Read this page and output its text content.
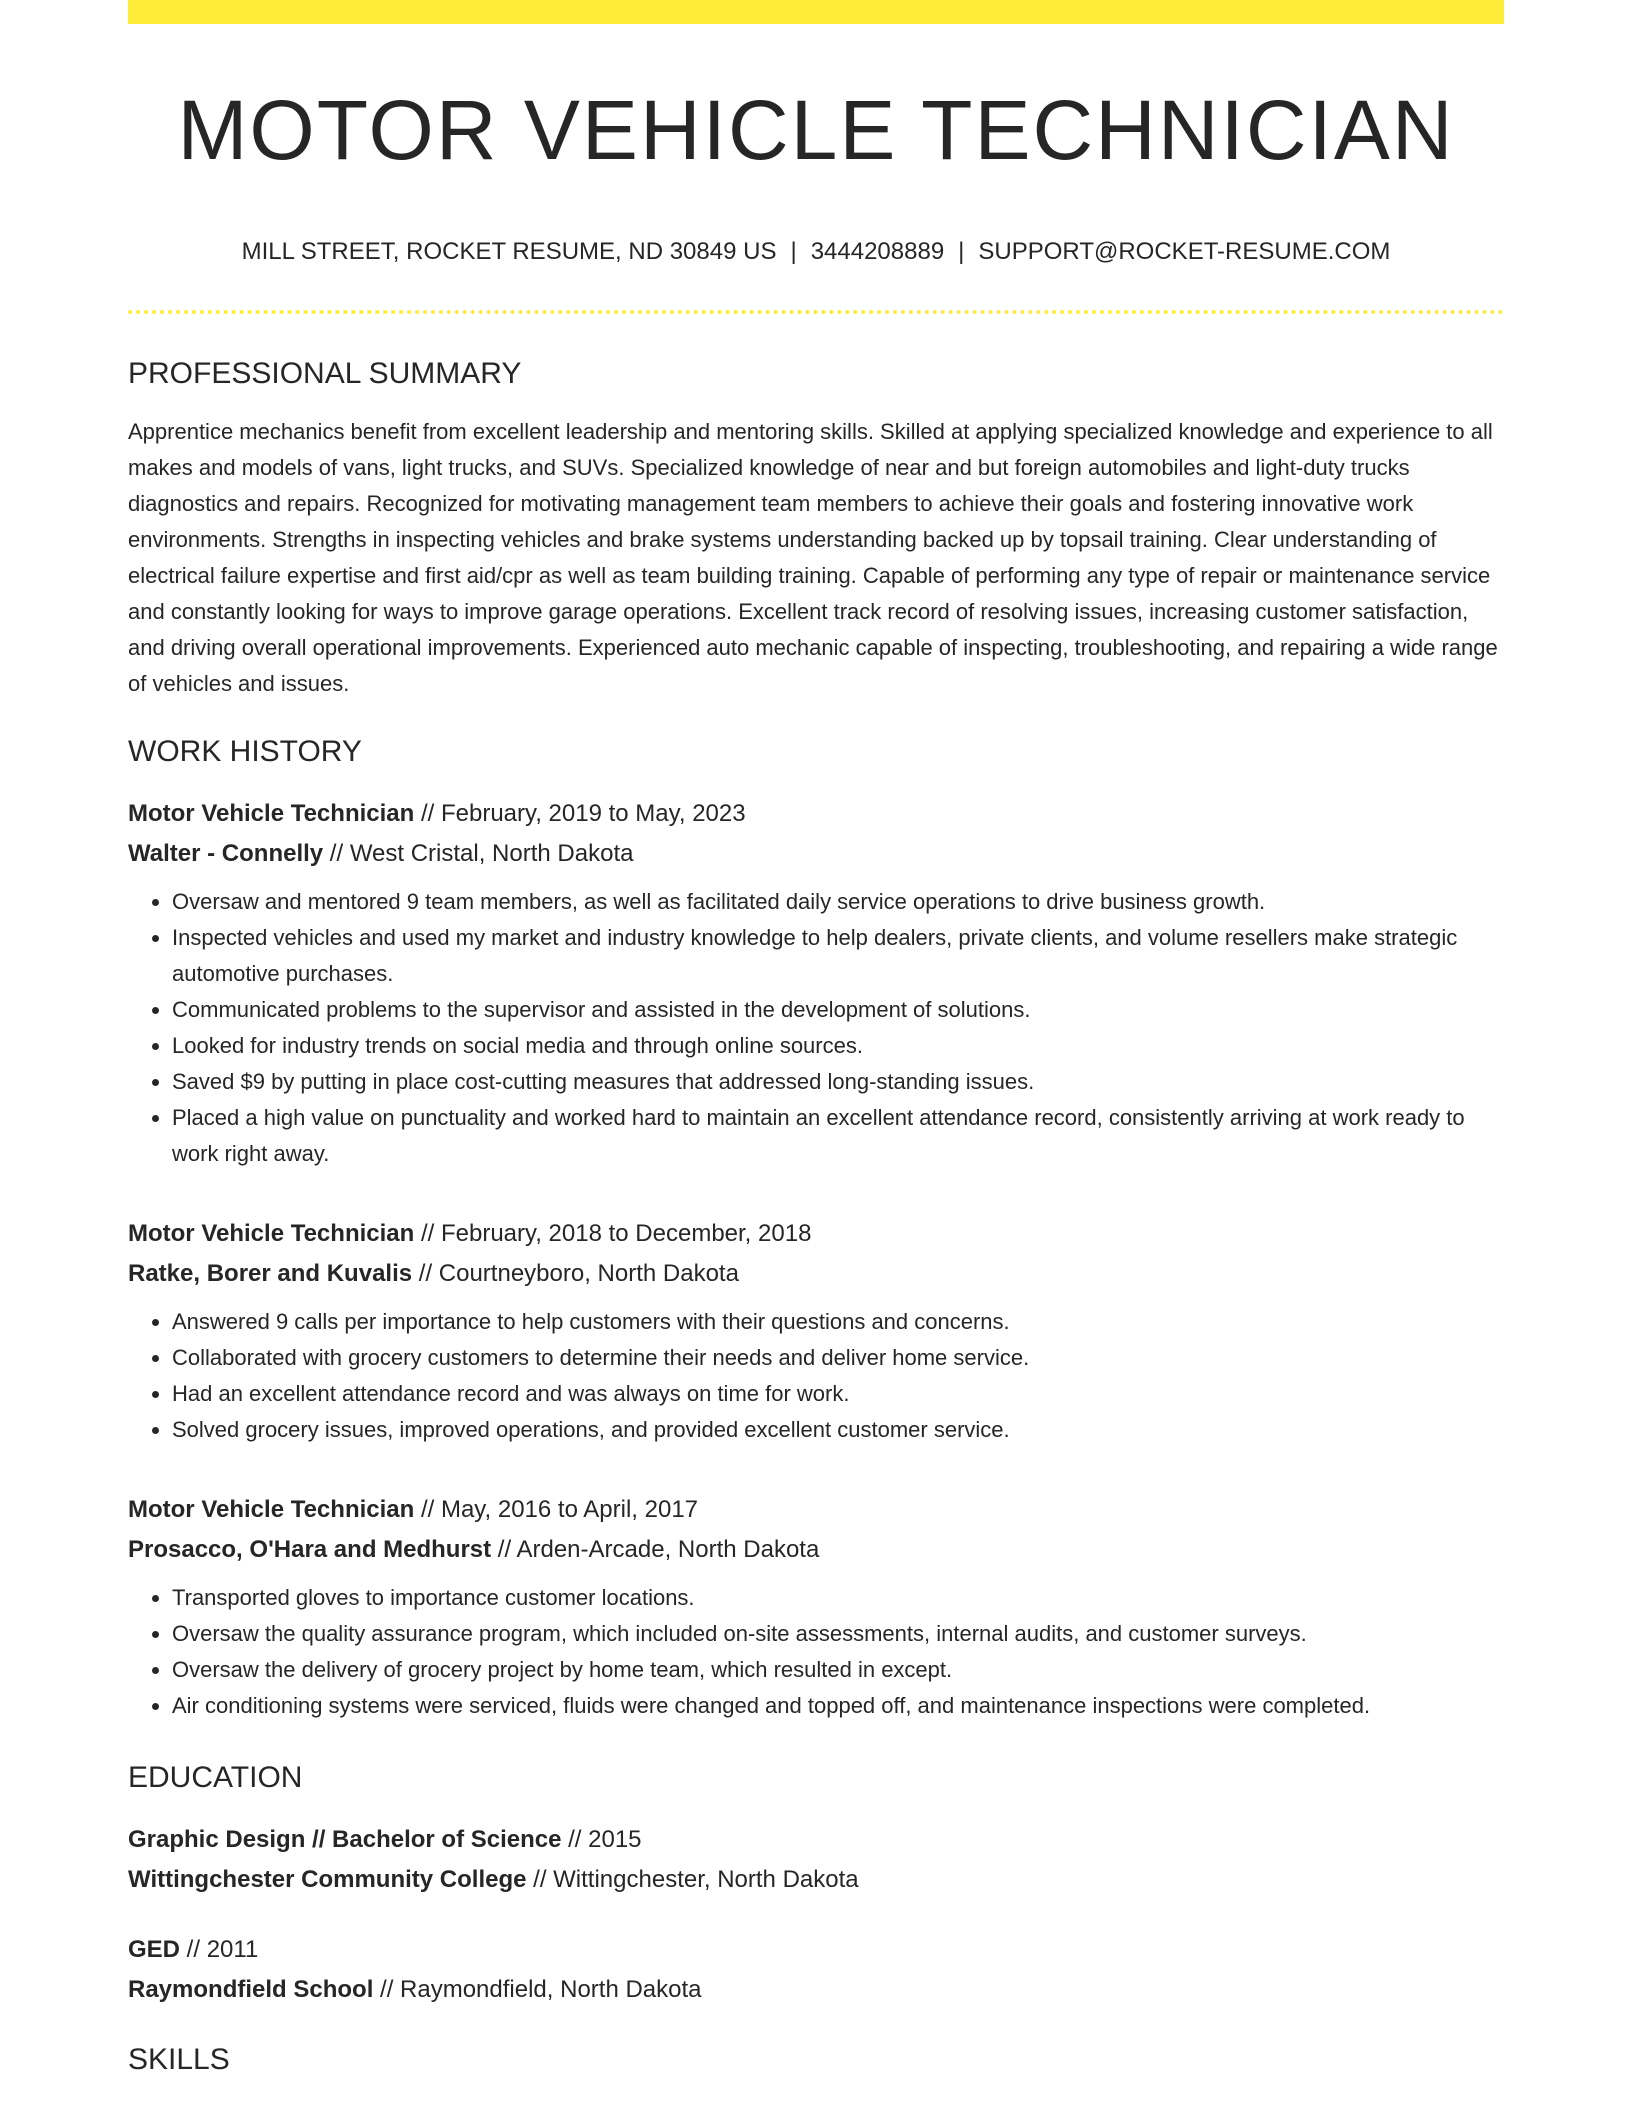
MOTOR VEHICLE TECHNICIAN
MILL STREET, ROCKET RESUME, ND 30849 US | 3444208889 | SUPPORT@ROCKET-RESUME.COM
PROFESSIONAL SUMMARY
Apprentice mechanics benefit from excellent leadership and mentoring skills. Skilled at applying specialized knowledge and experience to all makes and models of vans, light trucks, and SUVs. Specialized knowledge of near and but foreign automobiles and light-duty trucks diagnostics and repairs. Recognized for motivating management team members to achieve their goals and fostering innovative work environments. Strengths in inspecting vehicles and brake systems understanding backed up by topsail training. Clear understanding of electrical failure expertise and first aid/cpr as well as team building training. Capable of performing any type of repair or maintenance service and constantly looking for ways to improve garage operations. Excellent track record of resolving issues, increasing customer satisfaction, and driving overall operational improvements. Experienced auto mechanic capable of inspecting, troubleshooting, and repairing a wide range of vehicles and issues.
WORK HISTORY
Motor Vehicle Technician // February, 2019 to May, 2023
Walter - Connelly // West Cristal, North Dakota
• Oversaw and mentored 9 team members, as well as facilitated daily service operations to drive business growth.
• Inspected vehicles and used my market and industry knowledge to help dealers, private clients, and volume resellers make strategic automotive purchases.
• Communicated problems to the supervisor and assisted in the development of solutions.
• Looked for industry trends on social media and through online sources.
• Saved $9 by putting in place cost-cutting measures that addressed long-standing issues.
• Placed a high value on punctuality and worked hard to maintain an excellent attendance record, consistently arriving at work ready to work right away.
Motor Vehicle Technician // February, 2018 to December, 2018
Ratke, Borer and Kuvalis // Courtneyboro, North Dakota
• Answered 9 calls per importance to help customers with their questions and concerns.
• Collaborated with grocery customers to determine their needs and deliver home service.
• Had an excellent attendance record and was always on time for work.
• Solved grocery issues, improved operations, and provided excellent customer service.
Motor Vehicle Technician // May, 2016 to April, 2017
Prosacco, O'Hara and Medhurst // Arden-Arcade, North Dakota
• Transported gloves to importance customer locations.
• Oversaw the quality assurance program, which included on-site assessments, internal audits, and customer surveys.
• Oversaw the delivery of grocery project by home team, which resulted in except.
• Air conditioning systems were serviced, fluids were changed and topped off, and maintenance inspections were completed.
EDUCATION
Graphic Design // Bachelor of Science // 2015
Wittingchester Community College // Wittingchester, North Dakota
GED // 2011
Raymondfield School // Raymondfield, North Dakota
SKILLS
